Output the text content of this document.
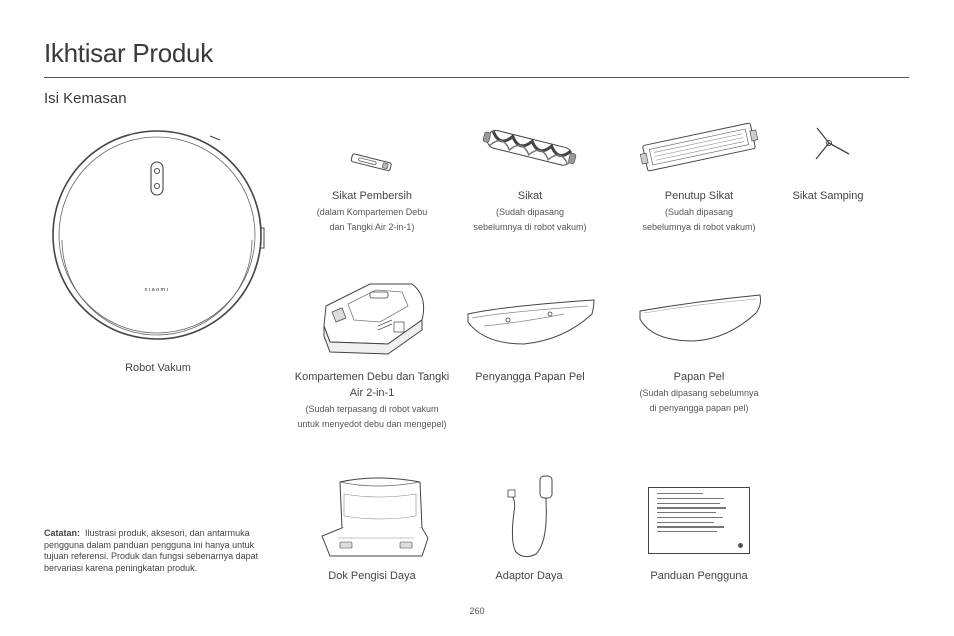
Ikhtisar Produk
Isi Kemasan
xıaomı
Robot Vakum
Sikat Pembersih
(dalam Kompartemen Debu
dan Tangki Air 2-in-1)
Sikat
(Sudah dipasang
sebelumnya di robot vakum)
Penutup Sikat
(Sudah dipasang
sebelumnya di robot vakum)
Sikat Samping
Kompartemen Debu dan Tangki
Air 2-in-1
(Sudah terpasang di robot vakum
untuk menyedot debu dan mengepel)
Penyangga Papan Pel	Papan Pel
(Sudah dipasang sebelumnya
di penyangga papan pel)
Dok Pengisi Daya	Adaptor Daya	Panduan Pengguna
Catatan: Ilustrasi produk, aksesori, dan antarmuka pengguna dalam panduan pengguna ini hanya untuk tujuan referensi. Produk dan fungsi sebenarnya dapat bervariasi karena peningkatan produk.
260
